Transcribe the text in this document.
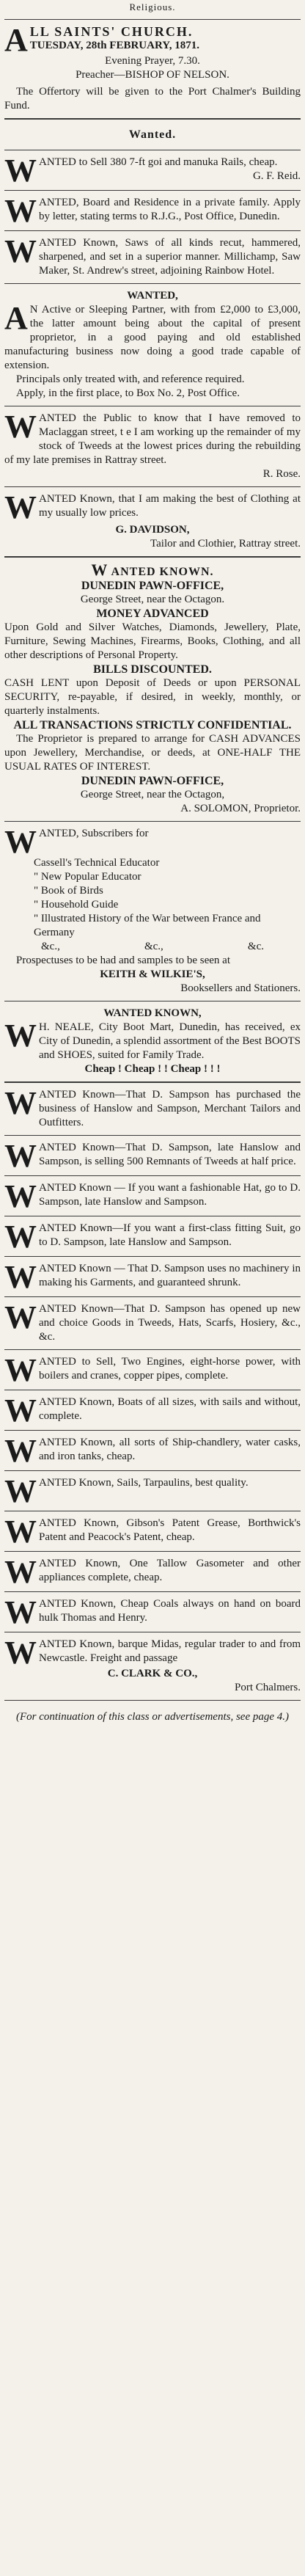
Religious.
A LL SAINTS' CHURCH.
TUESDAY, 28th FEBRUARY, 1871.
Evening Prayer, 7.30.
Preacher—BISHOP OF NELSON.

The Offertory will be given to the Port Chalmer's Building Fund.

Wanted.
W ANTED to Sell 380 7-ft goi and manuka Rails, cheap.

G. F. Reid.
W ANTED, Board and Residence in a private family. Apply by letter, stating terms to R.J.G., Post Office, Dunedin.

W ANTED Known, Saws of all kinds recut, hammered, sharpened, and set in a superior manner. Millichamp, Saw Maker, St. Andrew's street, adjoining Rainbow Hotel.

WANTED,
A N Active or Sleeping Partner, with from £2,000 to £3,000, the latter amount being about the capital of present proprietor, in a good paying and old established manufacturing business now doing a good trade capable of extension.

Principals only treated with, and reference required.

Apply, in the first place, to Box No. 2, Post Office.

W ANTED the Public to know that I have removed to Maclaggan street, t e I am working up the remainder of my stock of Tweeds at the lowest prices during the rebuilding of my late premises in Rattray street.

R. Rose.
W ANTED Known, that I am making the best of Clothing at my usually low prices.

G. DAVIDSON,
Tailor and Clothier, Rattray street.
W ANTED KNOWN.
DUNEDIN PAWN-OFFICE,
George Street, near the Octagon.
MONEY ADVANCED

Upon Gold and Silver Watches, Diamonds, Jewellery, Plate, Furniture, Sewing Machines, Firearms, Books, Clothing, and all other descriptions of Personal Property.

BILLS DISCOUNTED.

CASH LENT upon Deposit of Deeds or upon PERSONAL SECURITY, re-payable, if desired, in weekly, monthly, or quarterly instalments.

ALL TRANSACTIONS STRICTLY CONFIDENTIAL.

The Proprietor is prepared to arrange for CASH ADVANCES upon Jewellery, Merchandise, or deeds, at ONE-HALF THE USUAL RATES OF INTEREST.

DUNEDIN PAWN-OFFICE,
George Street, near the Octagon,
A. SOLOMON, Proprietor.
W ANTED, Subscribers for

Cassell's Technical Educator
" New Popular Educator
" Book of Birds
" Household Guide
" Illustrated History of the War between France and Germany
&c.,	&c.,	&c.

Prospectuses to be had and samples to be seen at

KEITH & WILKIE'S,
Booksellers and Stationers.
WANTED KNOWN,
W H. NEALE, City Boot Mart, Dunedin, has received, ex City of Dunedin, a splendid assortment of the Best BOOTS and SHOES, suited for Family Trade.

Cheap ! Cheap ! ! Cheap ! ! !
W ANTED Known—That D. Sampson has purchased the business of Hanslow and Sampson, Merchant Tailors and Outfitters.

W ANTED Known—That D. Sampson, late Hanslow and Sampson, is selling 500 Remnants of Tweeds at half price.

W ANTED Known — If you want a fashionable Hat, go to D. Sampson, late Hanslow and Sampson.

W ANTED Known—If you want a first-class fitting Suit, go to D. Sampson, late Hanslow and Sampson.

W ANTED Known — That D. Sampson uses no machinery in making his Garments, and guaranteed shrunk.

W ANTED Known—That D. Sampson has opened up new and choice Goods in Tweeds, Hats, Scarfs, Hosiery, &c., &c.

W ANTED to Sell, Two Engines, eight-horse power, with boilers and cranes, copper pipes, complete.

W ANTED Known, Boats of all sizes, with sails and without, complete.

W ANTED Known, all sorts of Ship-chandlery, water casks, and iron tanks, cheap.

W ANTED Known, Sails, Tarpaulins, best quality.

W ANTED Known, Gibson's Patent Grease, Borthwick's Patent and Peacock's Patent, cheap.

W ANTED Known, One Tallow Gasometer and other appliances complete, cheap.

W ANTED Known, Cheap Coals always on hand on board hulk Thomas and Henry.

W ANTED Known, barque Midas, regular trader to and from Newcastle. Freight and passage

C. CLARK & CO.,
Port Chalmers.
(For continuation of this class or advertisements, see page 4.)
